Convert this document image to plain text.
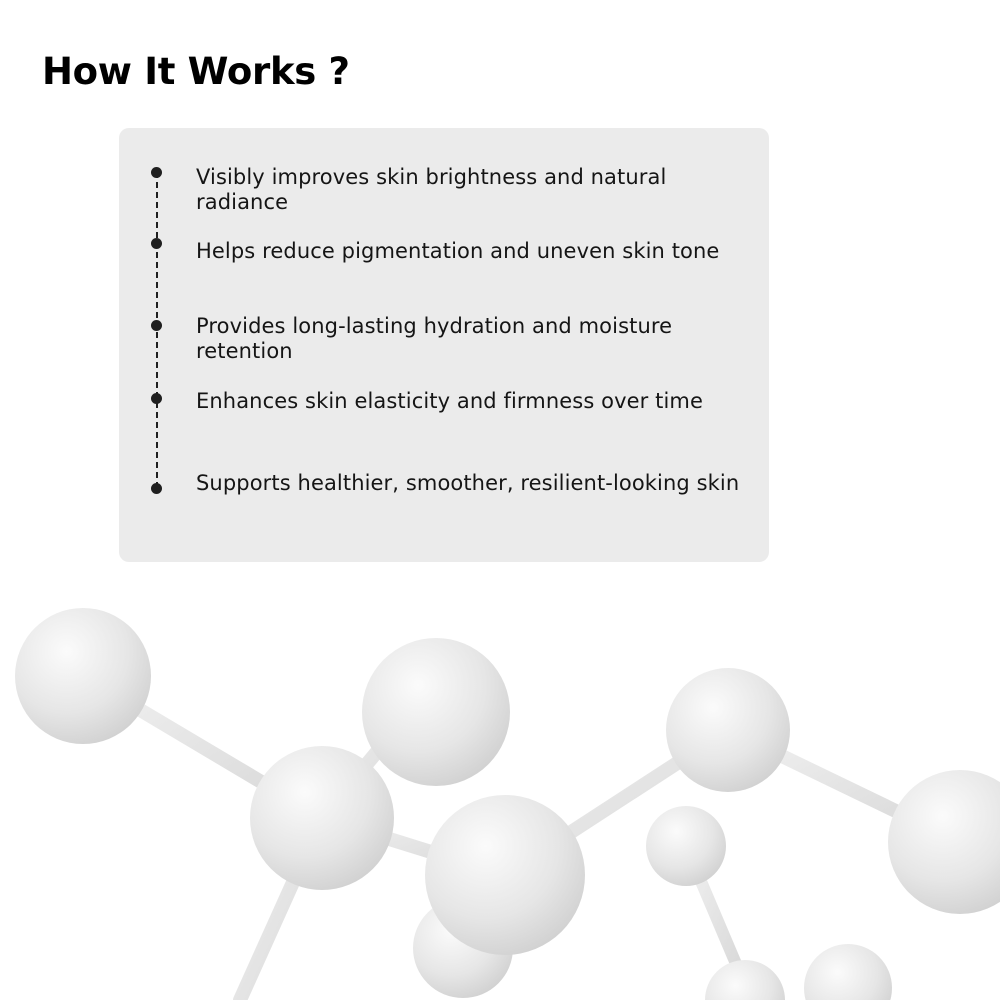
How It Works ?

Visibly improves skin brightness and natural radiance

Helps reduce pigmentation and uneven skin tone

Provides long-lasting hydration and moisture retention

Enhances skin elasticity and firmness over time

Supports healthier, smoother, resilient-looking skin
